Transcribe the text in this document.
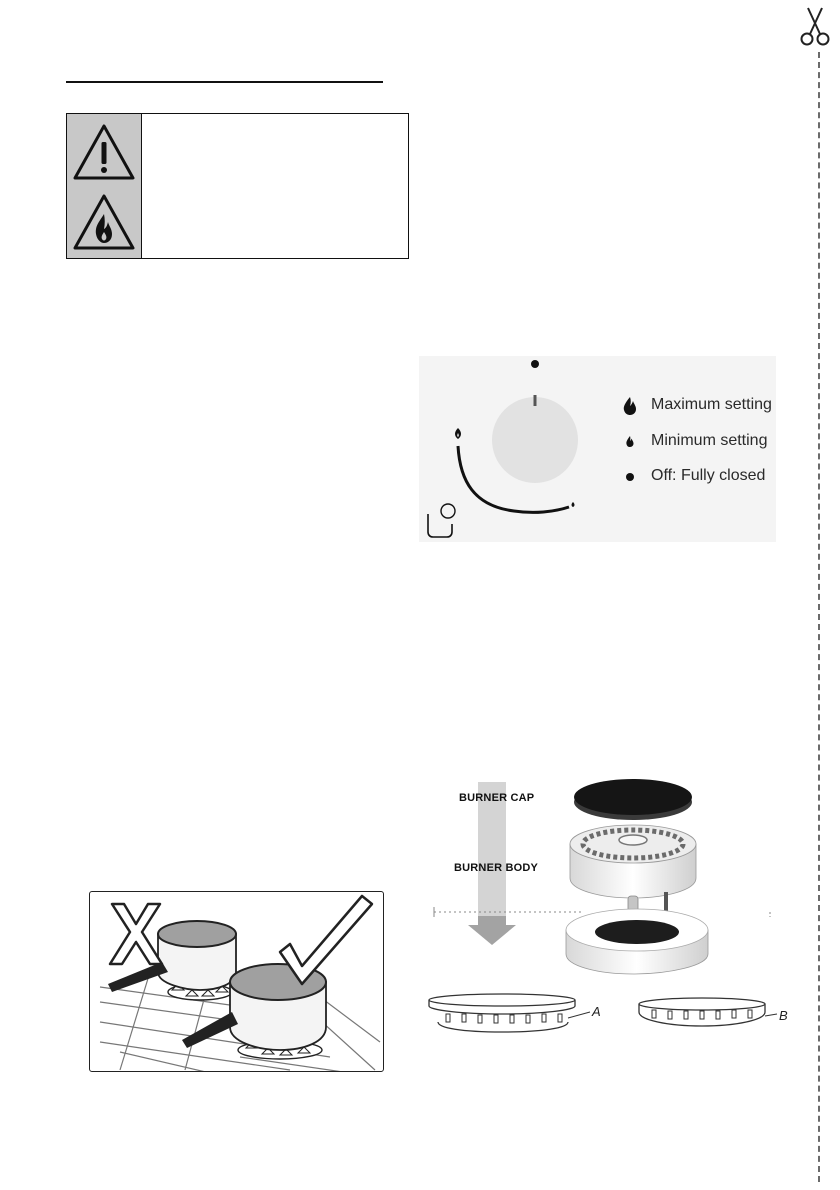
Maximum setting
Minimum setting
Off: Fully closed
BURNER CAP
BURNER BODY
A	B
